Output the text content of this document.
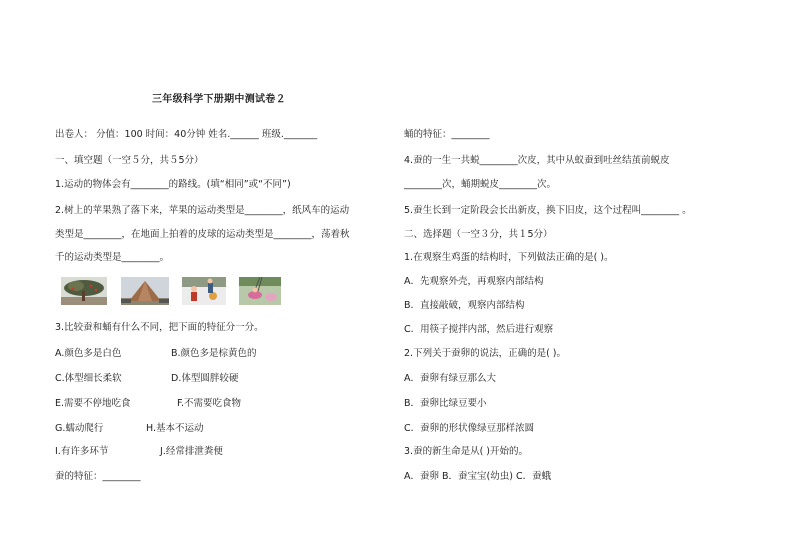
三年级科学下册期中测试卷２
出卷人： 分值：100 时间：40分钟 姓名.______ 班级._______
一、填空题（一空５分，共５5分）
1.运动的物体会有________的路线。(填“相同”或“不同”)
2.树上的苹果熟了落下来，苹果的运动类型是________，纸风车的运动
类型是________，在地面上拍着的皮球的运动类型是________，荡着秋
千的运动类型是________。
3.比较蚕和蛹有什么不同，把下面的特征分一分。
A.颜色多是白色	B.颜色多是棕黄色的
C.体型细长柔软	D.体型圆胖较硬
E.需要不停地吃食	F.不需要吃食物
G.蠕动爬行	H.基本不运动
I.有许多环节	J.经常排泄粪便
蚕的特征：________
蛹的特征：________
4.蚕的一生一共蜕________次皮，其中从蚁蚕到吐丝结茧前蜕皮
________次，蛹期蜕皮________次。
5.蚕生长到一定阶段会长出新皮，换下旧皮，这个过程叫________ 。
二、选择题（一空３分，共１5分）
1.在观察生鸡蛋的结构时，下列做法正确的是( )。
A．先观察外壳，再观察内部结构
B．直接敲破，观察内部结构
C．用筷子搅拌内部，然后进行观察
2.下列关于蚕卵的说法，正确的是( )。
A．蚕卵有绿豆那么大
B．蚕卵比绿豆要小
C．蚕卵的形状像绿豆那样浓圆
3.蚕的新生命是从( )开始的。
A．蚕卵 B．蚕宝宝(幼虫) C．蚕蛾
